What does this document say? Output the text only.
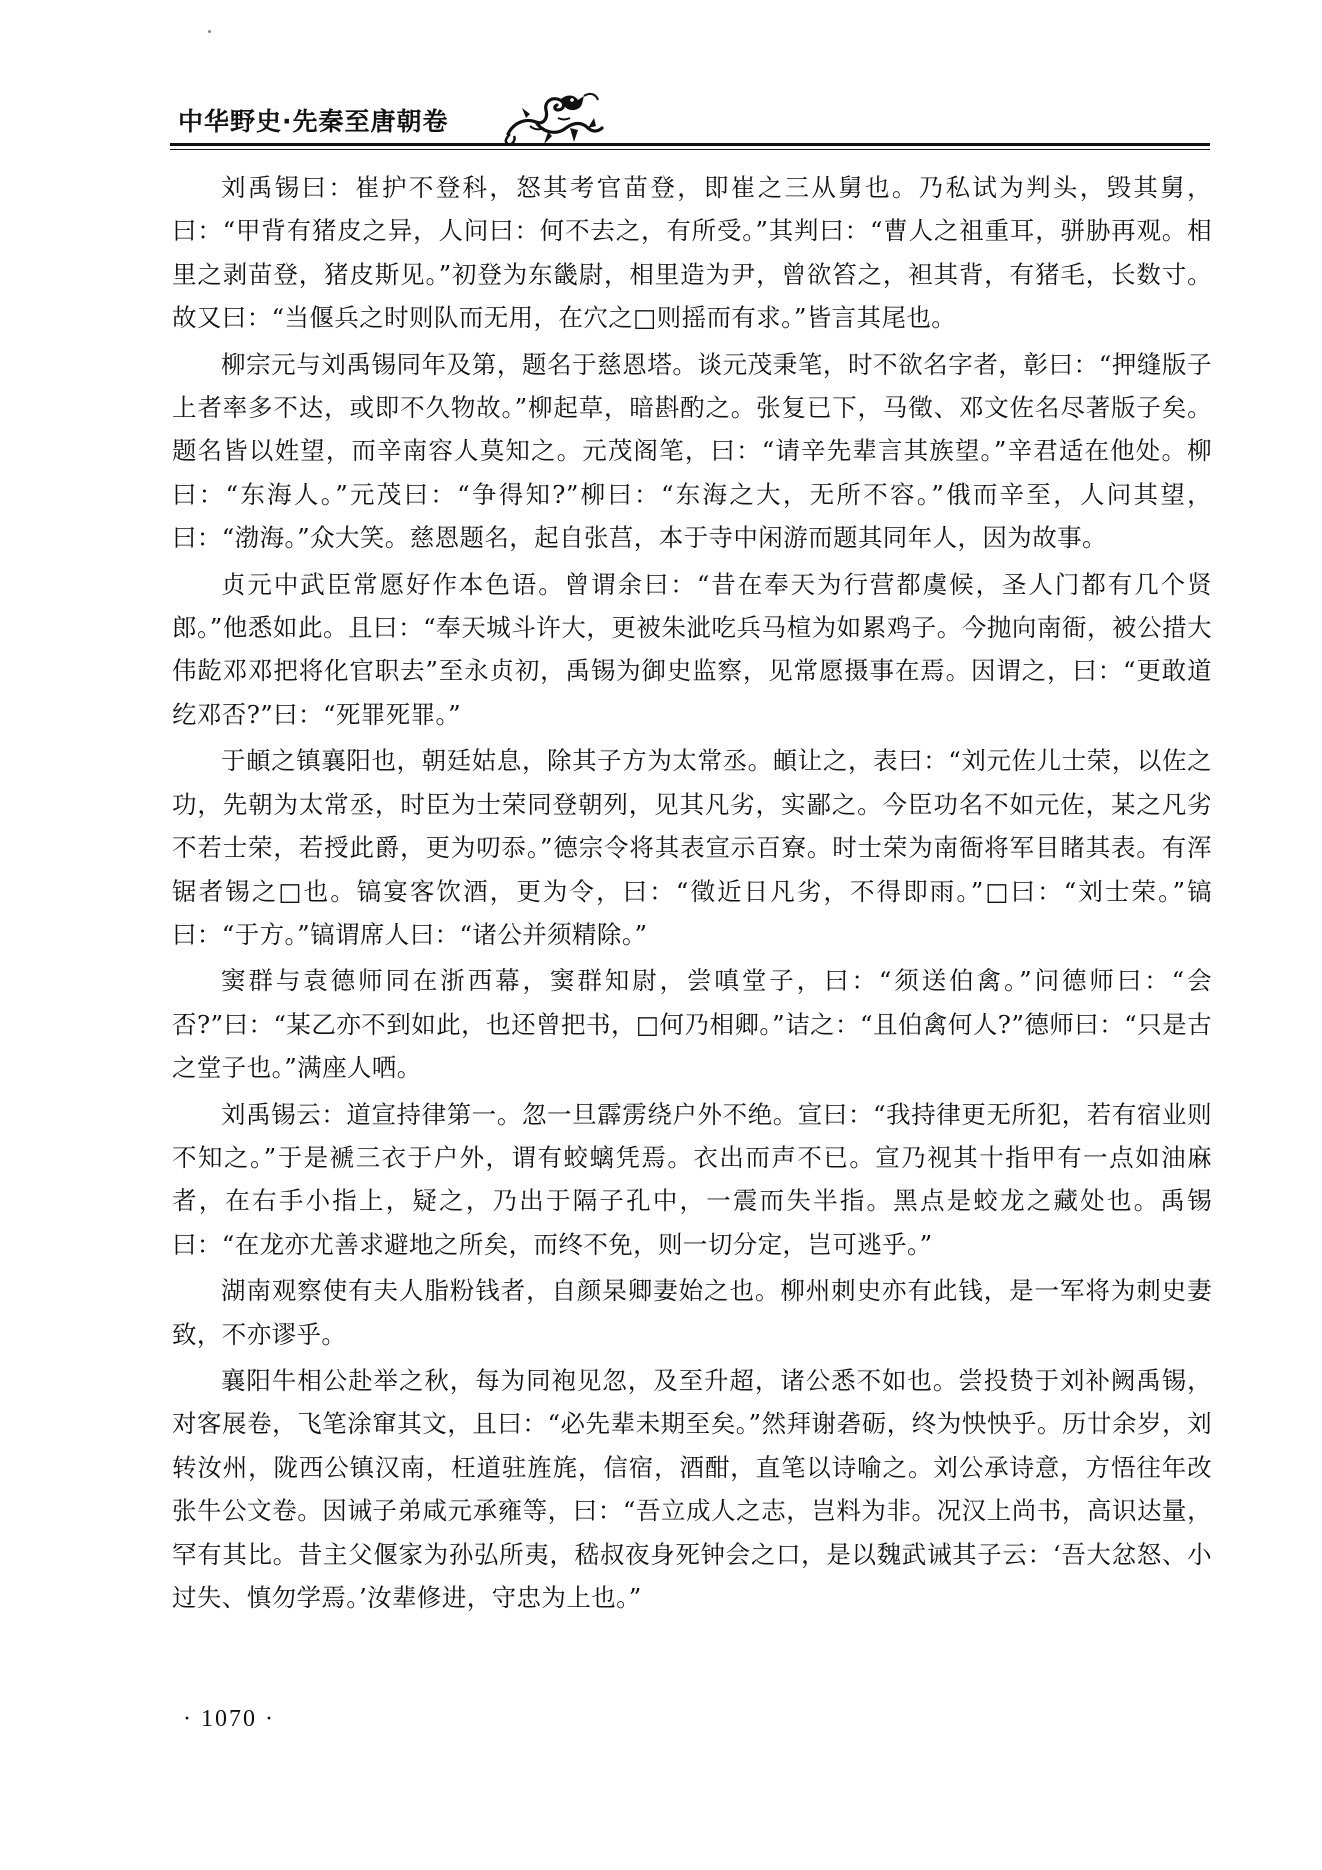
中华野史·先秦至唐朝卷

刘禹锡曰：崔护不登科，怒其考官苗登，即崔之三从舅也。乃私试为判头，毁其舅，曰：“甲背有猪皮之异，人问曰：何不去之，有所受。”其判曰：“曹人之祖重耳，骈胁再观。相里之剥苗登，猪皮斯见。”初登为东畿尉，相里造为尹，曾欲笞之，袒其背，有猪毛，长数寸。故又曰：“当偃兵之时则队而无用，在穴之□则摇而有求。”皆言其尾也。

柳宗元与刘禹锡同年及第，题名于慈恩塔。谈元茂秉笔，时不欲名字者，彰曰：“押缝版子上者率多不达，或即不久物故。”柳起草，暗斟酌之。张复已下，马徵、邓文佐名尽著版子矣。题名皆以姓望，而辛南容人莫知之。元茂阁笔，曰：“请辛先辈言其族望。”辛君适在他处。柳曰：“东海人。”元茂曰：“争得知?”柳曰：“东海之大，无所不容。”俄而辛至，人问其望，曰：“渤海。”众大笑。慈恩题名，起自张莒，本于寺中闲游而题其同年人，因为故事。

贞元中武臣常愿好作本色语。曾谓余曰：“昔在奉天为行营都虞候，圣人门都有几个贤郎。”他悉如此。且曰：“奉天城斗许大，更被朱泚吃兵马楦为如累鸡子。今抛向南衙，被公措大伟龁邓邓把将化官职去”至永贞初，禹锡为御史监察，见常愿摄事在焉。因谓之，曰：“更敢道纥邓否?”曰：“死罪死罪。”

于頔之镇襄阳也，朝廷姑息，除其子方为太常丞。頔让之，表曰：“刘元佐儿士荣，以佐之功，先朝为太常丞，时臣为士荣同登朝列，见其凡劣，实鄙之。今臣功名不如元佐，某之凡劣不若士荣，若授此爵，更为叨忝。”德宗令将其表宣示百寮。时士荣为南衙将军目睹其表。有浑锯者锡之□也。镐宴客饮酒，更为令，曰：“徵近日凡劣，不得即雨。”□曰：“刘士荣。”镐曰：“于方。”镐谓席人曰：“诸公并须精除。”

窦群与袁德师同在浙西幕，窦群知尉，尝嗔堂子，曰：“须送伯禽。”问德师曰：“会否?”曰：“某乙亦不到如此，也还曾把书，□何乃相卿。”诘之：“且伯禽何人?”德师曰：“只是古之堂子也。”满座人哂。

刘禹锡云：道宣持律第一。忽一旦霹雳绕户外不绝。宣曰：“我持律更无所犯，若有宿业则不知之。”于是褫三衣于户外，谓有蛟螭凭焉。衣出而声不已。宣乃视其十指甲有一点如油麻者，在右手小指上，疑之，乃出于隔子孔中，一震而失半指。黑点是蛟龙之藏处也。禹锡曰：“在龙亦尤善求避地之所矣，而终不免，则一切分定，岂可逃乎。”

湖南观察使有夫人脂粉钱者，自颜杲卿妻始之也。柳州刺史亦有此钱，是一军将为刺史妻致，不亦谬乎。

襄阳牛相公赴举之秋，每为同袍见忽，及至升超，诸公悉不如也。尝投贽于刘补阙禹锡，对客展卷，飞笔涂窜其文，且曰：“必先辈未期至矣。”然拜谢砻砺，终为怏怏乎。历廿余岁，刘转汝州，陇西公镇汉南，枉道驻旌旄，信宿，酒酣，直笔以诗喻之。刘公承诗意，方悟往年改张牛公文卷。因诫子弟咸元承雍等，曰：“吾立成人之志，岂料为非。况汉上尚书，高识达量，罕有其比。昔主父偃家为孙弘所夷，嵇叔夜身死钟会之口，是以魏武诫其子云：‘吾大忿怒、小过失、慎勿学焉。’汝辈修进，守忠为上也。”

· 1070 ·
